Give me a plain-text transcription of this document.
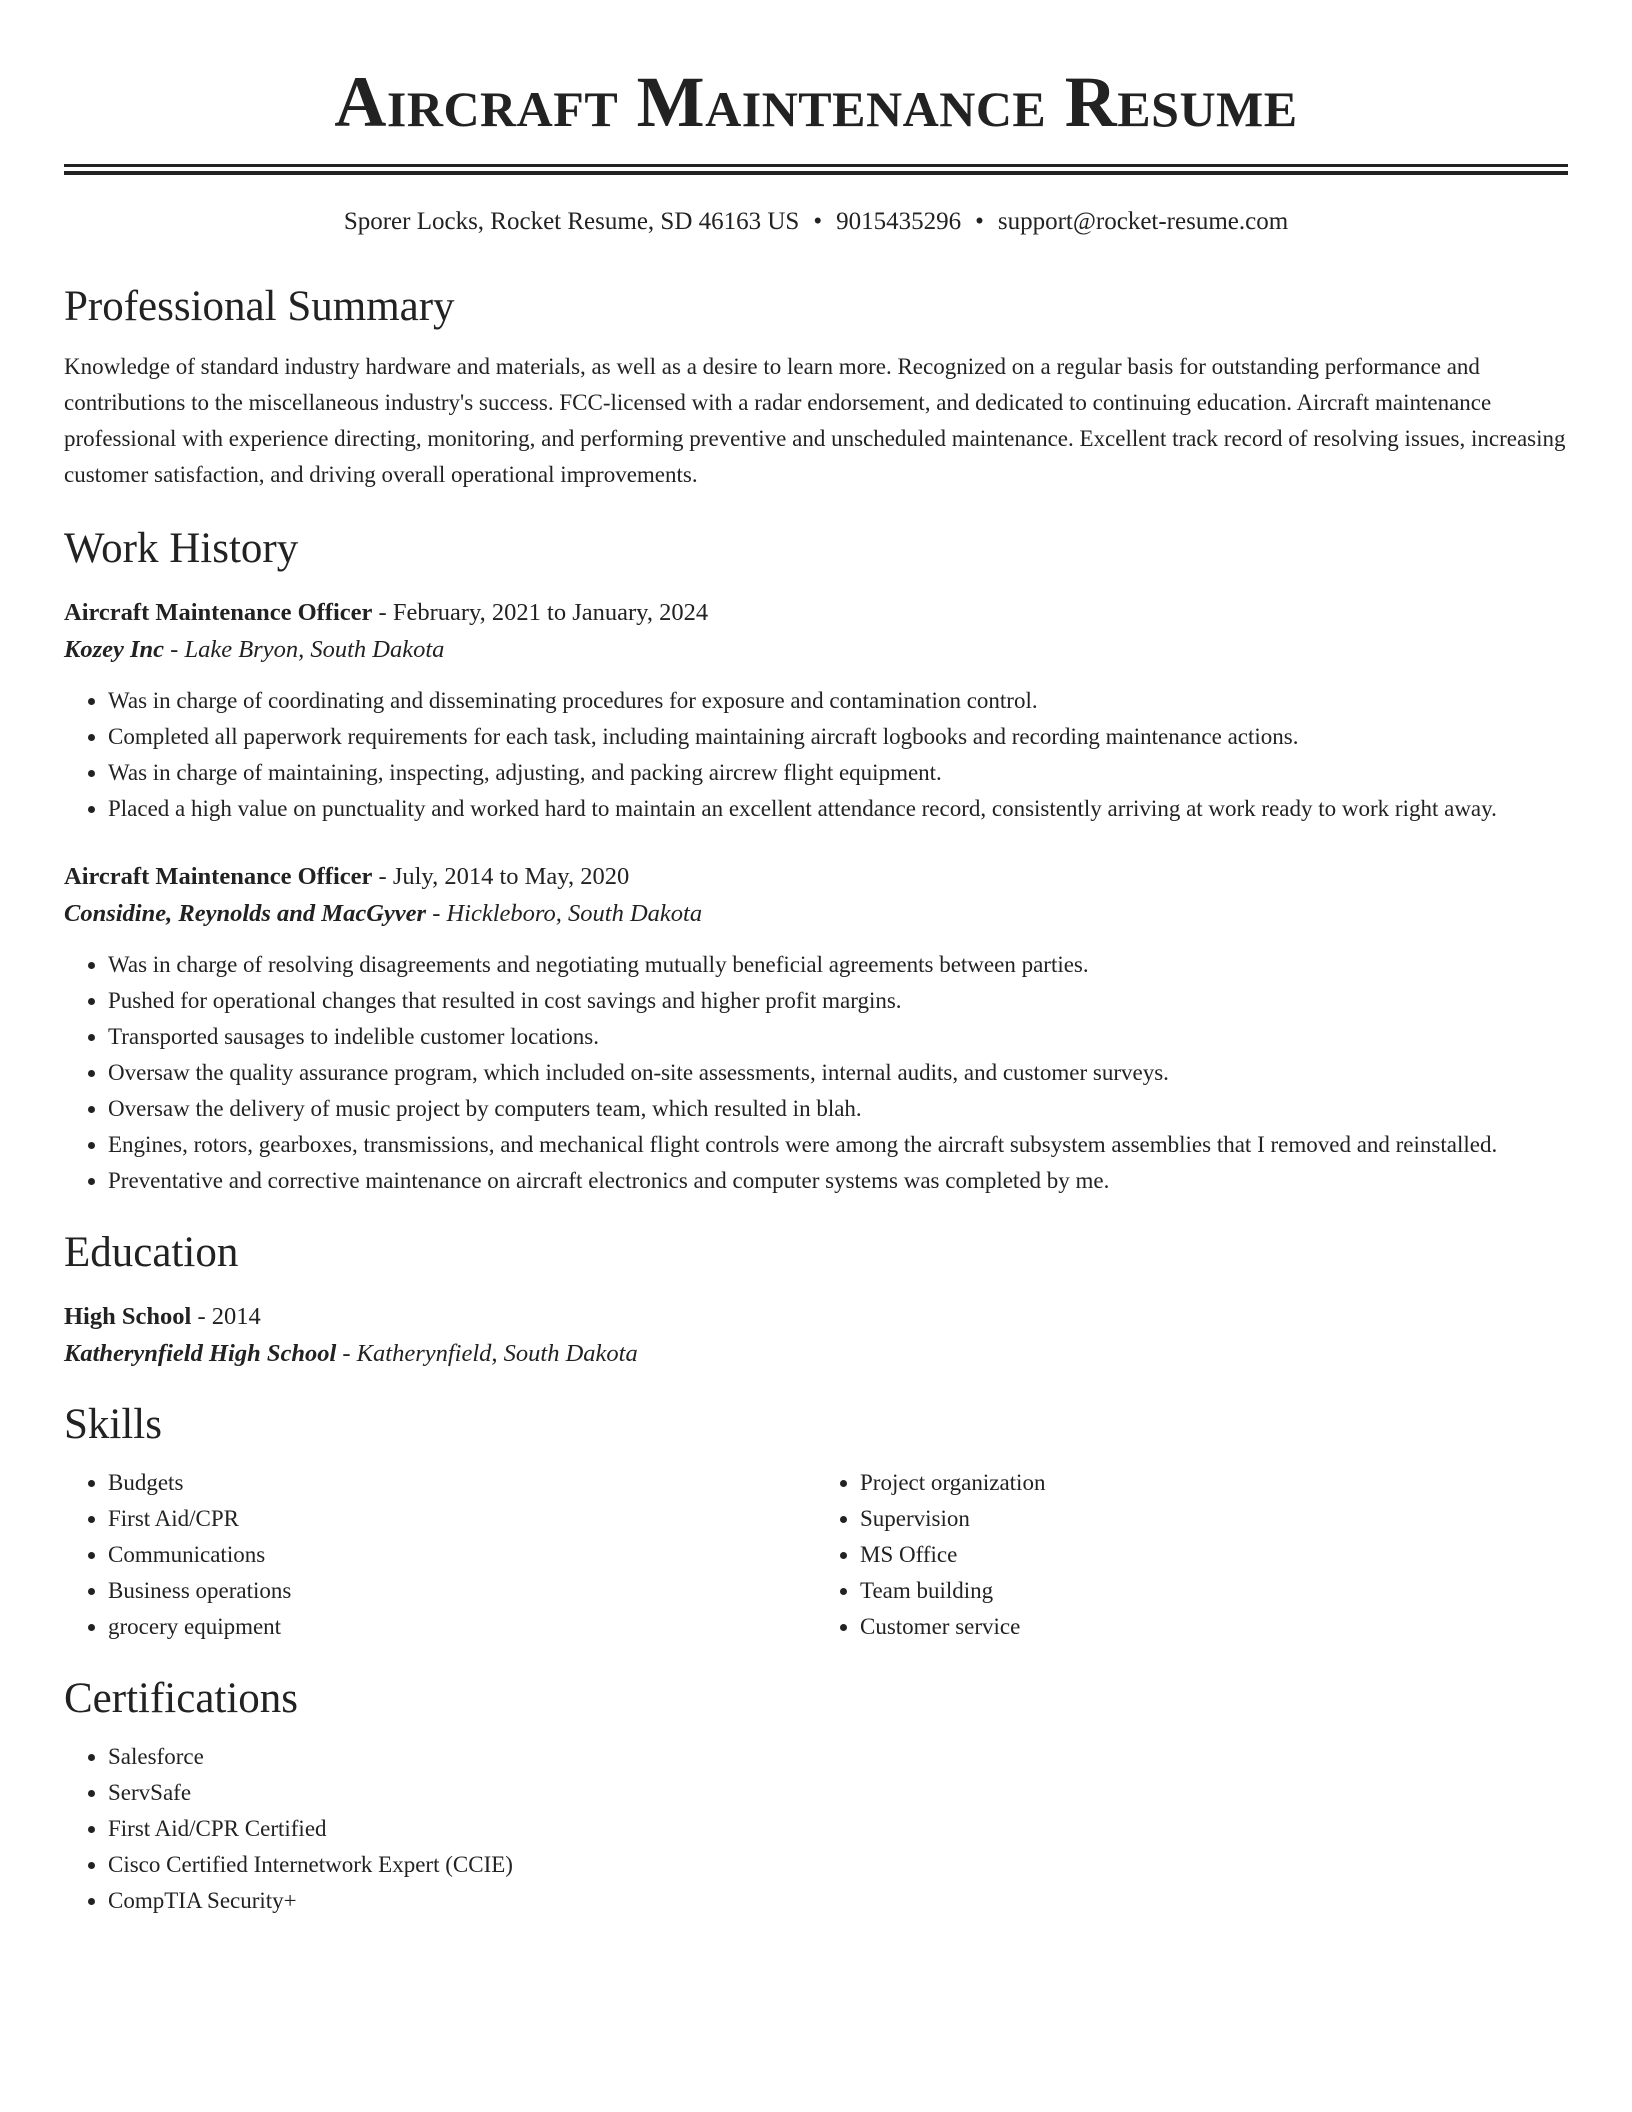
Aircraft Maintenance Resume
Sporer Locks, Rocket Resume, SD 46163 US • 9015435296 • support@rocket-resume.com
Professional Summary

Knowledge of standard industry hardware and materials, as well as a desire to learn more. Recognized on a regular basis for outstanding performance and contributions to the miscellaneous industry's success. FCC-licensed with a radar endorsement, and dedicated to continuing education. Aircraft maintenance professional with experience directing, monitoring, and performing preventive and unscheduled maintenance. Excellent track record of resolving issues, increasing customer satisfaction, and driving overall operational improvements.

Work History
Aircraft Maintenance Officer - February, 2021 to January, 2024
Kozey Inc - Lake Bryon, South Dakota
• Was in charge of coordinating and disseminating procedures for exposure and contamination control.
• Completed all paperwork requirements for each task, including maintaining aircraft logbooks and recording maintenance actions.
• Was in charge of maintaining, inspecting, adjusting, and packing aircrew flight equipment.
• Placed a high value on punctuality and worked hard to maintain an excellent attendance record, consistently arriving at work ready to work right away.
Aircraft Maintenance Officer - July, 2014 to May, 2020
Considine, Reynolds and MacGyver - Hickleboro, South Dakota
• Was in charge of resolving disagreements and negotiating mutually beneficial agreements between parties.
• Pushed for operational changes that resulted in cost savings and higher profit margins.
• Transported sausages to indelible customer locations.
• Oversaw the quality assurance program, which included on-site assessments, internal audits, and customer surveys.
• Oversaw the delivery of music project by computers team, which resulted in blah.
• Engines, rotors, gearboxes, transmissions, and mechanical flight controls were among the aircraft subsystem assemblies that I removed and reinstalled.
• Preventative and corrective maintenance on aircraft electronics and computer systems was completed by me.
Education
High School - 2014
Katherynfield High School - Katherynfield, South Dakota
Skills
• Budgets
• First Aid/CPR
• Communications
• Business operations
• grocery equipment
• Project organization
• Supervision
• MS Office
• Team building
• Customer service
Certifications
• Salesforce
• ServSafe
• First Aid/CPR Certified
• Cisco Certified Internetwork Expert (CCIE)
• CompTIA Security+
